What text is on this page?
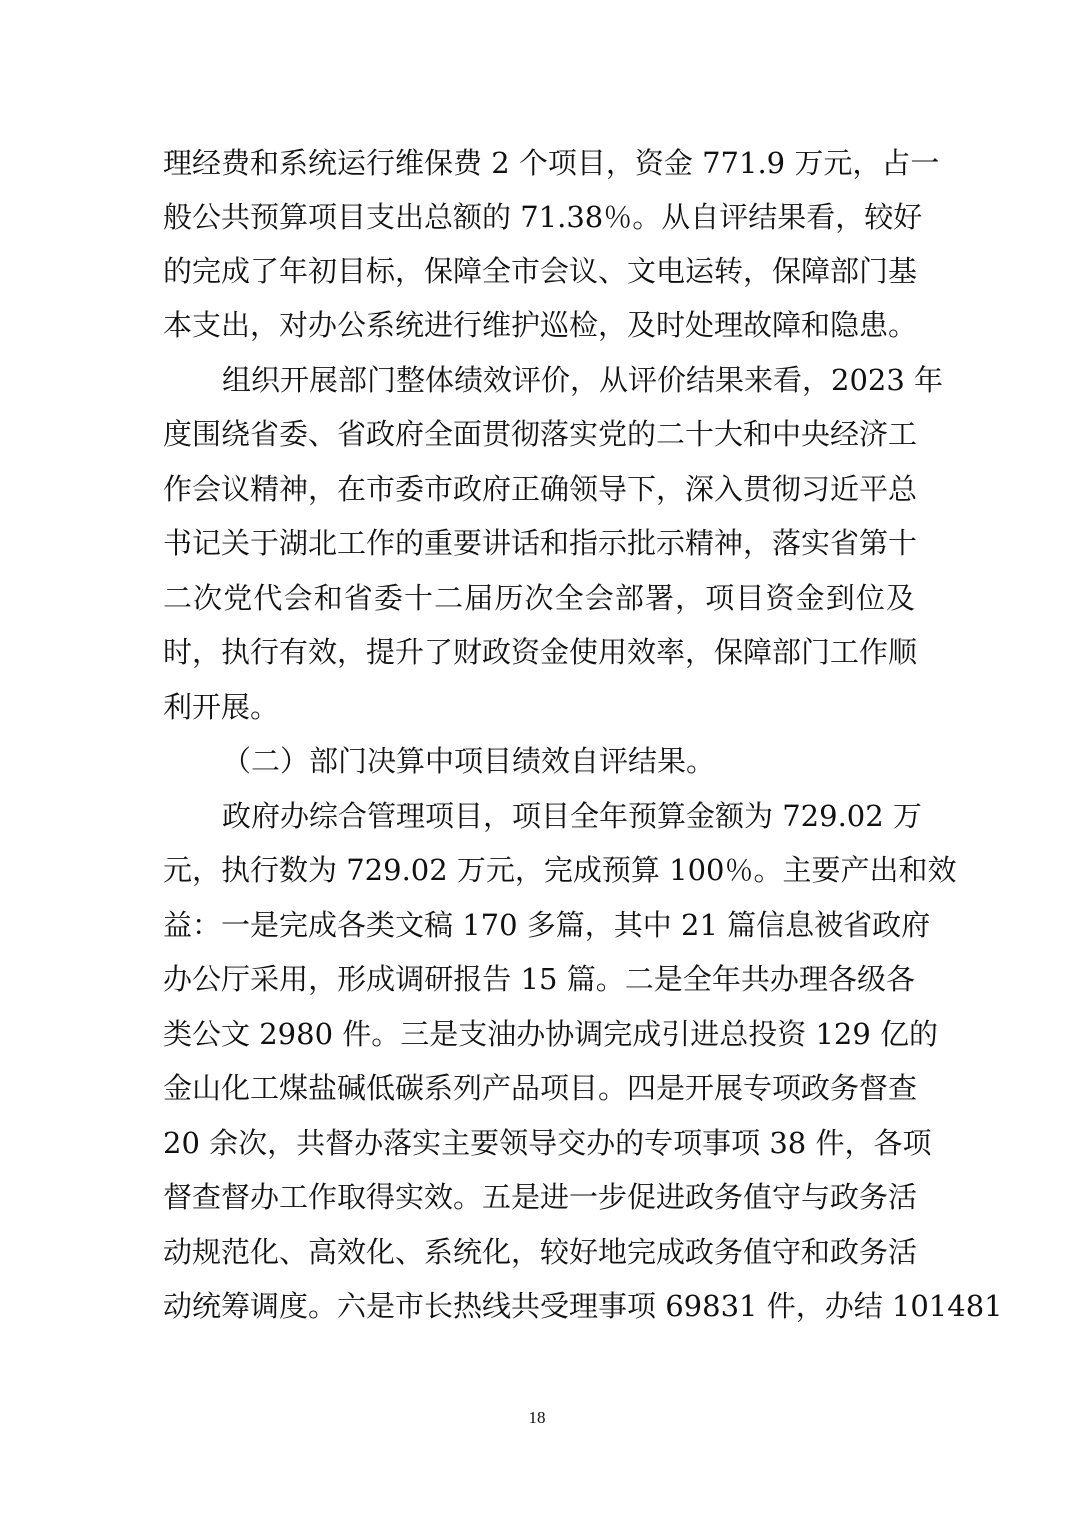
理经费和系统运行维保费 2 个项目，资金 771.9 万元，占一
般公共预算项目支出总额的 71.38％。从自评结果看，较好
的完成了年初目标，保障全市会议、文电运转，保障部门基
本支出，对办公系统进行维护巡检，及时处理故障和隐患。
组织开展部门整体绩效评价，从评价结果来看，2023 年
度围绕省委、省政府全面贯彻落实党的二十大和中央经济工
作会议精神，在市委市政府正确领导下，深入贯彻习近平总
书记关于湖北工作的重要讲话和指示批示精神，落实省第十
二次党代会和省委十二届历次全会部署，项目资金到位及
时，执行有效，提升了财政资金使用效率，保障部门工作顺
利开展。
（二）部门决算中项目绩效自评结果。
政府办综合管理项目，项目全年预算金额为 729.02 万
元，执行数为 729.02 万元，完成预算 100％。主要产出和效
益：一是完成各类文稿 170 多篇，其中 21 篇信息被省政府
办公厅采用，形成调研报告 15 篇。二是全年共办理各级各
类公文 2980 件。三是支油办协调完成引进总投资 129 亿的
金山化工煤盐碱低碳系列产品项目。四是开展专项政务督查
20 余次，共督办落实主要领导交办的专项事项 38 件，各项
督查督办工作取得实效。五是进一步促进政务值守与政务活
动规范化、高效化、系统化，较好地完成政务值守和政务活
动统筹调度。六是市长热线共受理事项 69831 件，办结 101481
18
